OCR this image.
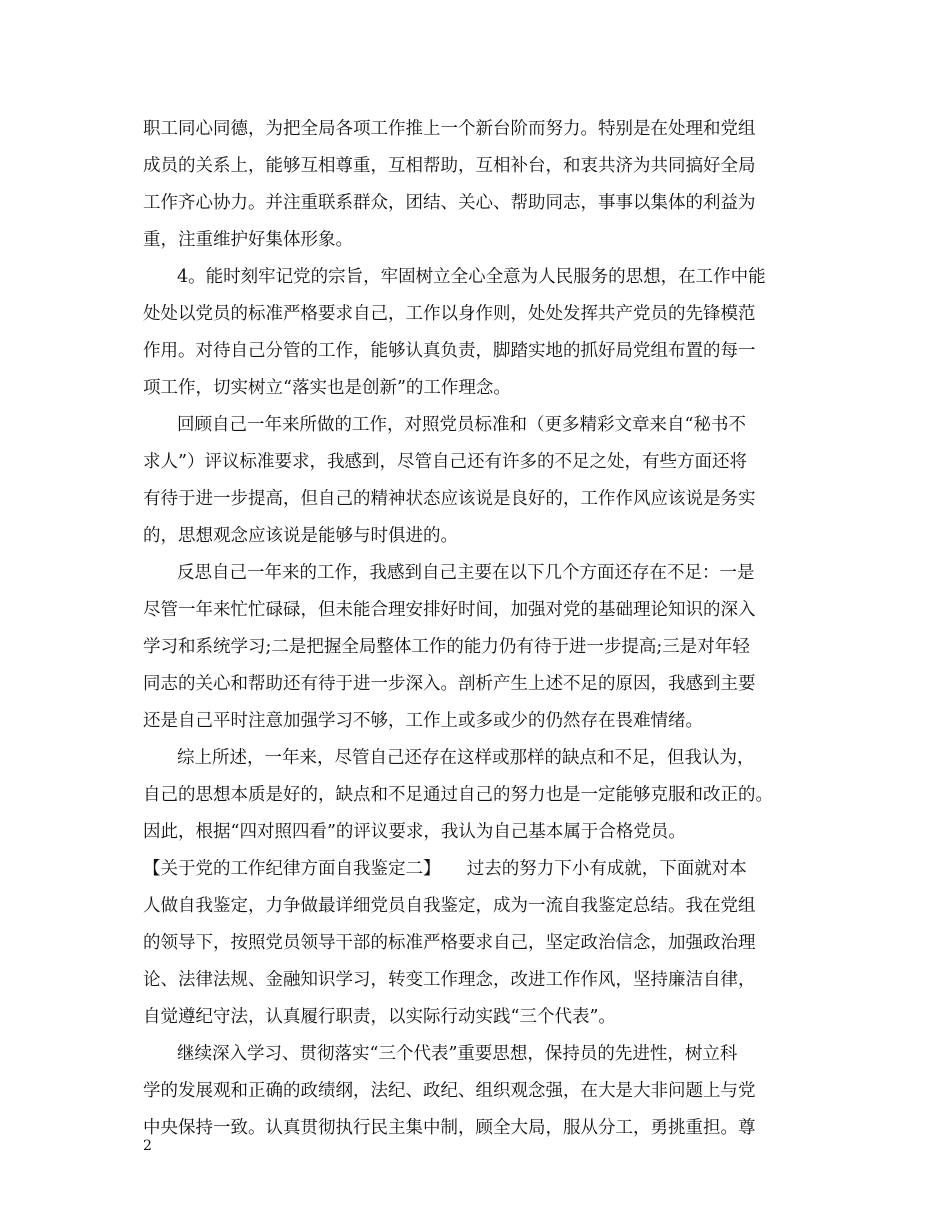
职工同心同德，为把全局各项工作推上一个新台阶而努力。特别是在处理和党组
成员的关系上，能够互相尊重，互相帮助，互相补台，和衷共济为共同搞好全局
工作齐心协力。并注重联系群众，团结、关心、帮助同志，事事以集体的利益为
重，注重维护好集体形象。
4。能时刻牢记党的宗旨，牢固树立全心全意为人民服务的思想，在工作中能
处处以党员的标准严格要求自己，工作以身作则，处处发挥共产党员的先锋模范
作用。对待自己分管的工作，能够认真负责，脚踏实地的抓好局党组布置的每一
项工作，切实树立“落实也是创新”的工作理念。
回顾自己一年来所做的工作，对照党员标准和（更多精彩文章来自“秘书不
求人”）评议标准要求，我感到，尽管自己还有许多的不足之处，有些方面还将
有待于进一步提高，但自己的精神状态应该说是良好的，工作作风应该说是务实
的，思想观念应该说是能够与时俱进的。
反思自己一年来的工作，我感到自己主要在以下几个方面还存在不足：一是
尽管一年来忙忙碌碌，但未能合理安排好时间，加强对党的基础理论知识的深入
学习和系统学习;二是把握全局整体工作的能力仍有待于进一步提高;三是对年轻
同志的关心和帮助还有待于进一步深入。剖析产生上述不足的原因，我感到主要
还是自己平时注意加强学习不够，工作上或多或少的仍然存在畏难情绪。
综上所述，一年来，尽管自己还存在这样或那样的缺点和不足，但我认为，
自己的思想本质是好的，缺点和不足通过自己的努力也是一定能够克服和改正的。
因此，根据“四对照四看”的评议要求，我认为自己基本属于合格党员。
【关于党的工作纪律方面自我鉴定二】　　过去的努力下小有成就，下面就对本
人做自我鉴定，力争做最详细党员自我鉴定，成为一流自我鉴定总结。我在党组
的领导下，按照党员领导干部的标准严格要求自己，坚定政治信念，加强政治理
论、法律法规、金融知识学习，转变工作理念，改进工作作风，坚持廉洁自律，
自觉遵纪守法，认真履行职责，以实际行动实践“三个代表”。
继续深入学习、贯彻落实“三个代表”重要思想，保持员的先进性，树立科
学的发展观和正确的政绩纲，法纪、政纪、组织观念强，在大是大非问题上与党
中央保持一致。认真贯彻执行民主集中制，顾全大局，服从分工，勇挑重担。尊
2
